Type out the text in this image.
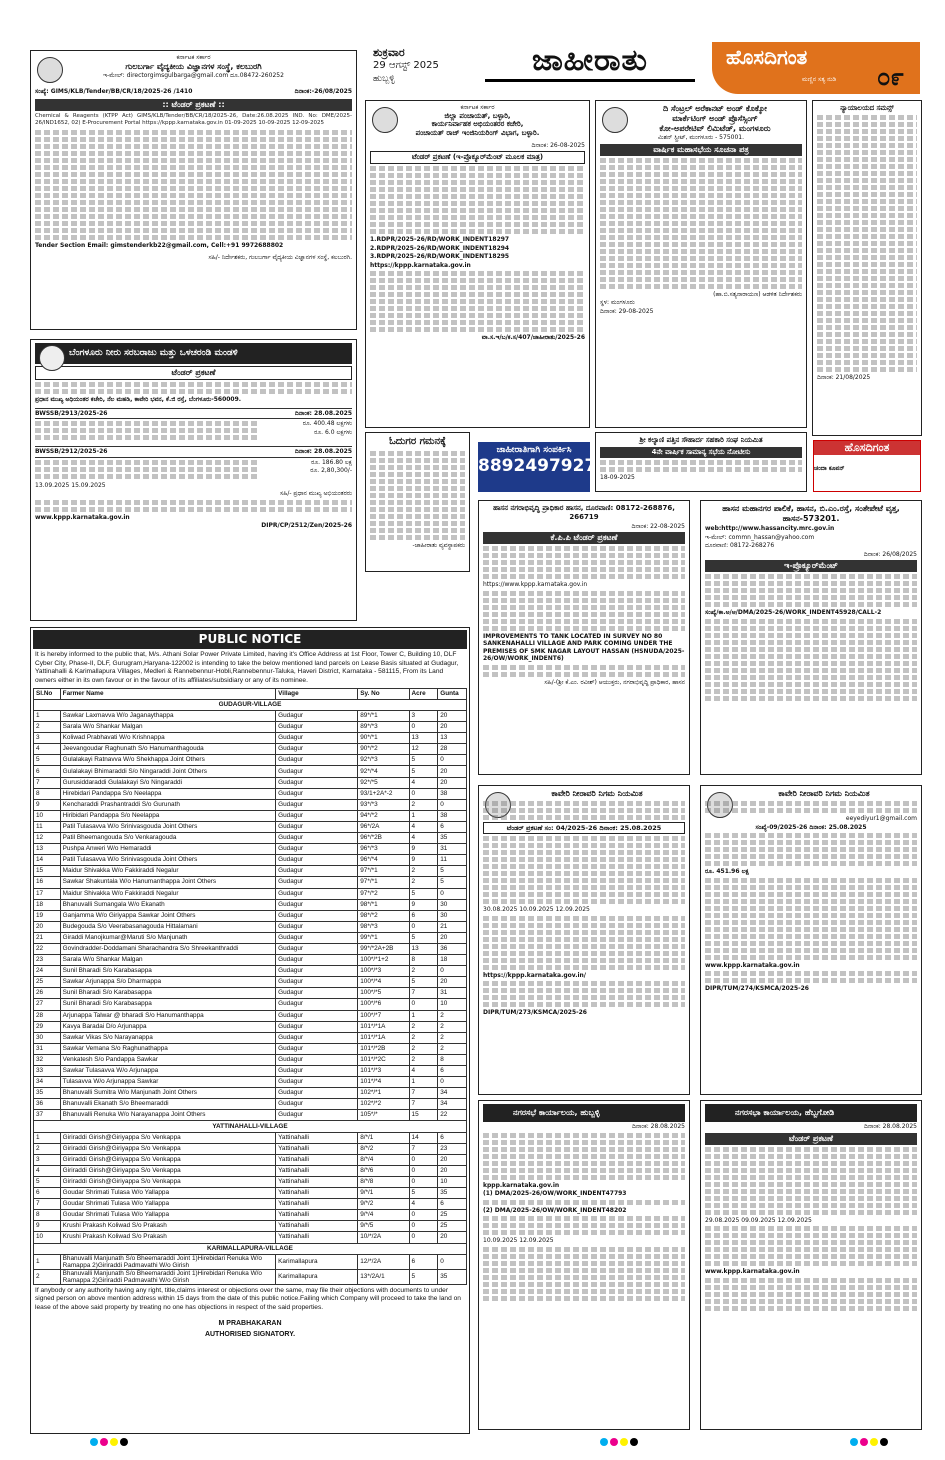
ಶುಕ್ರವಾರ
29 ಆಗಸ್ಟ್ 2025
ಹುಬ್ಬಳ್ಳಿ
ಜಾಹೀರಾತು	ಹೊಸದಿಗಂತ
ಮಣ್ಣಿನ ಸತ್ಯ ನುಡಿ ೦೯
ಕರ್ನಾಟಕ ಸರ್ಕಾರ
ಗುಲಬರ್ಗಾ ವೈದ್ಯಕೀಯ ವಿಜ್ಞಾನಗಳ ಸಂಸ್ಥೆ, ಕಲಬುರಗಿ
ಇ-ಮೇಲ್: directorgimsgulbarga@gmail.com ದೂ.08472-260252
ಸಂಖ್ಯೆ: GIMS/KLB/Tender/BB/CR/18/2025-26 /1410	ದಿನಾಂಕ:-26/08/2025
:: ಟೆಂಡರ್ ಪ್ರಕಟಣೆ ::
Chemical & Reagents (KTPP Act) GIMS/KLB/Tender/BB/CR/18/2025-26, Date:26.08.2025 IND. No: DME/2025-26/IND1652, 02) E-Procurement Portal https://kppp.karnataka.gov.in 01-09-2025 10-09-2025 12-09-2025
Tender Section Email: gimstenderkb22@gmail.com, Cell:+91 9972688802
ಸಹಿ/- ನಿರ್ದೇಶಕರು, ಗುಲಬರ್ಗಾ ವೈದ್ಯಕೀಯ ವಿಜ್ಞಾನಗಳ ಸಂಸ್ಥೆ, ಕಲಬುರಗಿ.
ಬೆಂಗಳೂರು ನೀರು ಸರಬರಾಜು ಮತ್ತು ಒಳಚರಂಡಿ ಮಂಡಳಿ
ಟೆಂಡರ್ ಪ್ರಕಟಣೆ
ಪ್ರಧಾನ ಮುಖ್ಯ ಅಧಿಯಂತರ ಕಚೇರಿ, ನೆಲ ಮಹಡಿ, ಕಾವೇರಿ ಭವನ, ಕೆ.ಜಿ ರಸ್ತೆ, ಬೆಂಗಳೂರು-560009.
BWSSB/2913/2025-26	ದಿನಾಂಕ: 28.08.2025
ರೂ. 400.48 ಲಕ್ಷಗಳು
ರೂ. 6.0 ಲಕ್ಷಗಳು
BWSSB/2912/2025-26	ದಿನಾಂಕ: 28.08.2025
ರೂ. 186.80 ಲಕ್ಷ
ರೂ. 2,80,300/-
13.09.2025 15.09.2025
ಸಹಿ/- ಪ್ರಧಾನ ಮುಖ್ಯ ಅಭಿಯಂತರರು
www.kppp.karnataka.gov.in
DIPR/CP/2512/Zen/2025-26
PUBLIC NOTICE
It is hereby informed to the public that, M/s. Athani Solar Power Private Limited, having it's Office Address at 1st Floor, Tower C, Building 10, DLF Cyber City, Phase-II, DLF, Gurugram,Haryana-122002 is intending to take the below mentioned land parcels on Lease Basis situated at Gudagur, Yattinahalli & Karimallapura Villages, Medleri & Rannebennur-Hobli,Rannebennur-Taluka, Haveri District, Karnataka - 581115, From its Land owners either in its own favour or in the favour of its affiliates/subsidiary or any of its nominee.
Sl.No	Farmer Name	Village	Sy. No	Acre	Gunta
GUDAGUR-VILLAGE					
1	Sawkar Laxmavva W/o Jaganaythappa	Gudagur	89*/*1	3	20
2	Sarala W/o Shankar Malgan	Gudagur	89*/*3	0	20
3	Koliwad Prabhavati W/o Krishnappa	Gudagur	90*/*1	13	13
4	Jeevangoudar Raghunath S/o Hanumanthagouda	Gudagur	90*/*2	12	28
5	Gulalakayi Ratnavva W/o Shekhappa Joint Others	Gudagur	92*/*3	5	0
6	Gulalakayi Bhimaraddi S/o Ningaraddi Joint Others	Gudagur	92*/*4	5	20
7	Gurusiddaraddi Gulalakayi S/o Ningaraddi	Gudagur	92*/*5	4	20
8	Hirebidari Pandappa S/o Neelappa	Gudagur	93/1+2A*-2	0	38
9	Kencharaddi Prashantraddi S/o Gurunath	Gudagur	93*/*3	2	0
10	Hiribidari Pandappa S/o Neelappa	Gudagur	94*/*2	1	38
11	Patil Tulasavva W/o Srinivasgouda Joint Others	Gudagur	96*/2A	4	6
12	Patil Bheemangouda S/o Venkaragouda	Gudagur	96*/*2B	4	35
13	Pushpa Anweri W/o Hemaraddi	Gudagur	96*/*3	9	31
14	Patil Tulasavva W/o Srinivasgouda Joint Others	Gudagur	96*/*4	9	11
15	Maidur Shivakka W/o Fakkiraddi Negalur	Gudagur	97*/*1	2	5
16	Sawkar Shakuntala W/o Hanumanthappa Joint Others	Gudagur	97*/*1	2	5
17	Maidur Shivakka W/o Fakkiraddi Negalur	Gudagur	97*/*2	5	0
18	Bhanuvalli Sumangala W/o Ekanath	Gudagur	98*/*1	9	30
19	Ganjamma W/o Giriyappa Sawkar Joint Others	Gudagur	98*/*2	6	30
20	Budegouda S/o Veerabasanagouda Hittalamani	Gudagur	98*/*3	0	21
21	Giraddi Manojkumar@Maruti S/o Manjunath	Gudagur	99*/*1	5	20
22	Govindradder-Doddamani Sharachandra S/o Shreekanthraddi	Gudagur	99*/*2A+2B	13	36
23	Sarala W/o Shankar Malgan	Gudagur	100*/*1+2	8	18
24	Sunil Bharadi S/o Karabasappa	Gudagur	100*/*3	2	0
25	Sawkar Arjunappa S/o Dharmappa	Gudagur	100*/*4	5	20
26	Sunil Bharadi S/o Karabasappa	Gudagur	100*/*5	7	31
27	Sunil Bharadi S/o Karabasappa	Gudagur	100*/*6	0	10
28	Arjunappa Talwar @ bharadi S/o Hanumanthappa	Gudagur	100*/*7	1	2
29	Kavya Baradai D/o Arjunappa	Gudagur	101*/*1A	2	2
30	Sawkar Vikas S/o Narayanappa	Gudagur	101*/*1A	2	2
31	Sawkar Vemana S/o Raghunathappa	Gudagur	101*/*2B	2	2
32	Venkatesh S/o Pandappa Sawkar	Gudagur	101*/*2C	2	8
33	Sawkar Tulasavva W/o Arjunappa	Gudagur	101*/*3	4	6
34	Tulasavva W/o Arjunappa Sawkar	Gudagur	101*/*4	1	0
35	Bhanuvalli Sumitra W/o Manjunath Joint Others	Gudagur	102*/*1	7	34
36	Bhanuvalli Ekanath S/o Bheemaraddi	Gudagur	102*/*2	7	34
37	Bhanuvalli Renuka W/o Narayanappa Joint Others	Gudagur	105*/*	15	22
YATTINAHALLI-VILLAGE					
1	Giriraddi Girish@Giriyappa S/o Venkappa	Yattinahalli	8/*/1	14	6
2	Giriraddi Girish@Giriyappa S/o Venkappa	Yattinahalli	8/*/2	7	23
3	Giriraddi Girish@Giriyappa S/o Venkappa	Yattinahalli	8/*/4	0	20
4	Giriraddi Girish@Giriyappa S/o Venkappa	Yattinahalli	8/*/6	0	20
5	Giriraddi Girish@Giriyappa S/o Venkappa	Yattinahalli	8/*/8	0	10
6	Goudar Shrimati Tulasa W/o Yallappa	Yattinahalli	9/*/1	5	35
7	Goudar Shrimati Tulasa W/o Yallappa	Yattinahalli	9/*/2	4	6
8	Goudar Shrimati Tulasa W/o Yallappa	Yattinahalli	9/*/4	0	25
9	Krushi Prakash Koliwad S/o Prakash	Yattinahalli	9/*/5	0	25
10	Krushi Prakash Koliwad S/o Prakash	Yattinahalli	10/*/2A	0	20
KARIMALLAPURA-VILLAGE					
1	Bhanuvalli Manjunath S/o Bheemaraddi Joint 1)Hirebidari Renuka W/o Ramappa 2)Giriraddi Padmavathi W/o Girish	Karimallapura	12/*/2A	6	0
2	Bhanuvalli Manjunath S/o Bheemaraddi Joint 1)Hirebidari Renuka W/o Ramappa 2)Giriraddi Padmavathi W/o Girish	Karimallapura	13*/2A/1	5	35
If anybody or any authority having any right, title,claims interest or objections over the same, may file their objections with documents to under signed person on above mention address within 15 days from the date of this public notice.Failing which Company will proceed to take the land on lease of the above said property by treating no one has objections in respect of the said properties.
M PRABHAKARAN
AUTHORISED SIGNATORY.
ಕರ್ನಾಟಕ ಸರ್ಕಾರ
ಜಿಲ್ಲಾ ಪಂಚಾಯತ್, ಬಳ್ಳಾರಿ,
ಕಾರ್ಯನಿರ್ವಾಹಕ ಅಭಿಯಂತರರ ಕಚೇರಿ,
ಪಂಚಾಯತ್ ರಾಜ್ ಇಂಜಿನಿಯರಿಂಗ್ ವಿಭಾಗ, ಬಳ್ಳಾರಿ.
ದಿನಾಂಕ: 26-08-2025
ಟೆಂಡರ್ ಪ್ರಕಟಣೆ (ಇ-ಪ್ರೊಕ್ಯೂರ್‌ಮೆಂಟ್ ಮೂಲಕ ಮಾತ್ರ)
1.RDPR/2025-26/RD/WORK_INDENT18297
2.RDPR/2025-26/RD/WORK_INDENT18294
3.RDPR/2025-26/RD/WORK_INDENT18295
https://kppp.karnataka.gov.in
ವಾ.ಸ.ಇ/ಬ/ಕ.ಸ/407/ಜಾಹೀರಾತು/2025-26
ಓದುಗರ ಗಮನಕ್ಕೆ
-ಜಾಹೀರಾತು ವ್ಯವಸ್ಥಾಪಕರು
ಜಾಹೀರಾತಿಗಾಗಿ ಸಂಪರ್ಕಿಸಿ
8892497927
ದಿ ಸೆಂಟ್ರಲ್ ಅರೆಕಾನಟ್ ಅಂಡ್ ಕೊಕ್ಕೋ
ಮಾರ್ಕೆಟಿಂಗ್ ಅಂಡ್ ಪ್ರೊಸೆಸ್ಸಿಂಗ್
ಕೋ-ಅಪರೇಟಿವ್ ಲಿಮಿಟೆಡ್, ಮಂಗಳೂರು
ಮಿಶನ್ ಸ್ಟ್ರೀಟ್, ಮಂಗಳೂರು - 575001.
ವಾರ್ಷಿಕ ಮಹಾಸಭೆಯ ಸೂಚನಾ ಪತ್ರ
(ಹಾ.ಬಿ.ಸತ್ಯನಾರಾಯಣ) ಆಡಳಿತ ನಿರ್ದೇಶಕರು
ಸ್ಥಳ: ಮಂಗಳೂರು
ದಿನಾಂಕ: 29-08-2025
ಶ್ರೀ ಕಲ್ಯಾಣಿ ಪತ್ತಿನ ಸೌಹಾರ್ದ ಸಹಕಾರಿ ಸಂಘ ನಿಯಮಿತ
4ನೇ ವಾರ್ಷಿಕ ಸಾಮಾನ್ಯ ಸಭೆಯ ನೋಟೀಸು
18-09-2025
ನ್ಯಾಯಾಲಯದ ಸಮನ್ಸ್
ದಿನಾಂಕ: 21/08/2025
ಹೊಸದಿಗಂತ
ಚಂದಾ ಕೂಪನ್
ಹಾಸನ ನಗರಾಭಿವೃದ್ಧಿ ಪ್ರಾಧಿಕಾರ ಹಾಸನ, ದೂರವಾಣಿ: 08172-268876, 266719
ದಿನಾಂಕ: 22-08-2025
ಕೆ.ಪಿ.ಪಿ ಟೆಂಡರ್ ಪ್ರಕಟಣೆ
https://www.kppp.karnataka.gov.in
IMPROVEMENTS TO TANK LOCATED IN SURVEY NO 80 SANKENAHALLI VILLAGE AND PARK COMING UNDER THE PREMISES OF SMK NAGAR LAYOUT HASSAN (HSNUDA/2025-26/OW/WORK_INDENT6)
ಸಹಿ/-(ಶ್ರೀ ಕೆ.ಎಂ. ರವೀಶ್) ಆಯುಕ್ತರು, ನಗರಾಭಿವೃದ್ಧಿ ಪ್ರಾಧಿಕಾರ, ಹಾಸನ
ಹಾಸನ ಮಹಾನಗರ ಪಾಲಿಕೆ, ಹಾಸನ, ಬಿ.ಎಂ.ರಸ್ತೆ, ಸಂತೇಪೇಟೆ ವೃತ್ತ, ಹಾಸನ-573201.
web:http://www.hassancity.mrc.gov.in
ಇ-ಮೇಲ್: commn_hassan@yahoo.com
ದೂರವಾಣಿ: 08172-268276
ದಿನಾಂಕ: 26/08/2025
ಇ-ಪ್ರೊಕ್ಯೂರ್‌ಮೆಂಟ್
ಸಂಖ್ಯೆ/ಕಾ.ಅ/ಆ/DMA/2025-26/WORK_INDENT45928/CALL-2
ಕಾವೇರಿ ನೀರಾವರಿ ನಿಗಮ ನಿಯಮಿತ
ಟೆಂಡರ್ ಪ್ರಕಟಣೆ ಸಂ: 04/2025-26 ದಿನಾಂಕ: 25.08.2025
30.08.2025 10.09.2025 12.09.2025
https://kppp.karnataka.gov.in/
DIPR/TUM/273/KSMCA/2025-26
ಕಾವೇರಿ ನೀರಾವರಿ ನಿಗಮ ನಿಯಮಿತ
eeyediyur1@gmail.com
ಸಂಖ್ಯೆ-09/2025-26 ದಿನಾಂಕ: 25.08.2025
ರೂ. 451.96 ಲಕ್ಷ
www.kppp.karnataka.gov.in
DIPR/TUM/274/KSMCA/2025-26
ನಗರಸಭೆ ಕಾರ್ಯಾಲಯ, ಹುಬ್ಬಳ್ಳಿ
ದಿನಾಂಕ: 28.08.2025
kppp.karnataka.gov.in
(1) DMA/2025-26/OW/WORK_INDENT47793
(2) DMA/2025-26/OW/WORK_INDENT48202
10.09.2025 12.09.2025
ನಗರಸಭಾ ಕಾರ್ಯಾಲಯ, ಹೆಬ್ಬಗೋಡಿ
ದಿನಾಂಕ: 28.08.2025
ಟೆಂಡರ್ ಪ್ರಕಟಣೆ
29.08.2025 09.09.2025 12.09.2025
www.kppp.karnataka.gov.in
